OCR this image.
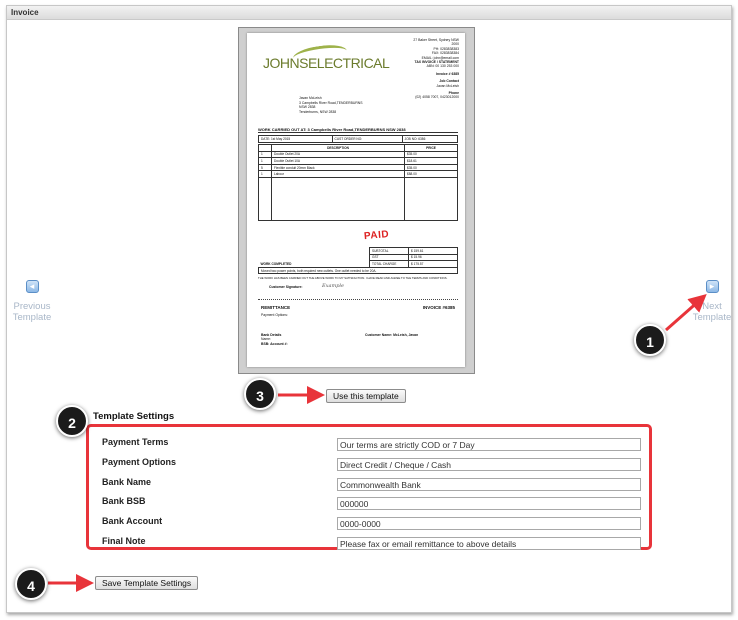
Invoice
JOHNSELECTRICAL
27 Baker Street, Sydney NSW
2000
PH: 0283838383
FAX: 0283838384
EMAIL: john@email.com
TAX INVOICE / STATEMENT
ABN: 00 130 253 000
Invoice # 6385
Job Contact
Javan McLeish
Phone
(02) 4058 7007, 0423012000
Javan McLeish
3 Campbells River Road,TENDERBURNS
NSW 2838
Tenderburns, NSW 2838
WORK CARRIED OUT AT: 3 Campbells River Road,TENDERBURNS NSW 2838
DATE: 1st May 2015	CUST ORDER NO:	JOB NO: 6386
	DESCRIPTION	PRICE
1	Double Outlet 20A	$35.00
1	Double Outlet 10A	$18.61
5	Flexible conduit 20mm Black	$35.00
1	Labour	$88.00

PAID
	SUBTOTAL	$ 159.61
	GST	$ 15.96
WORK COMPLETED	TOTAL CHARGE	$ 175.57
Moved two power points, both required new outlets. One outlet needed to be 20A.		
THE WORK HAS BEEN CARRIED OUT THE ABOVE WORK TO MY SATISFACTION. I HAVE READ AND AGREE TO THE TERMS AND CONDITIONS.
Customer Signature:	Example
REMITTANCE	INVOICE #6385
Payment Options:
Bank Details
Name:
BSB: Account #:
Customer Name: McLeish, Javan
◂
Previous
Template
▸
Next
Template
Use this template
Template Settings
Payment Terms
Our terms are strictly COD or 7 Day
Payment Options
Direct Credit / Cheque / Cash
Bank Name
Commonwealth Bank
Bank BSB
000000
Bank Account
0000-0000
Final Note
Please fax or email remittance to above details
Save Template Settings
1
2
3
4
